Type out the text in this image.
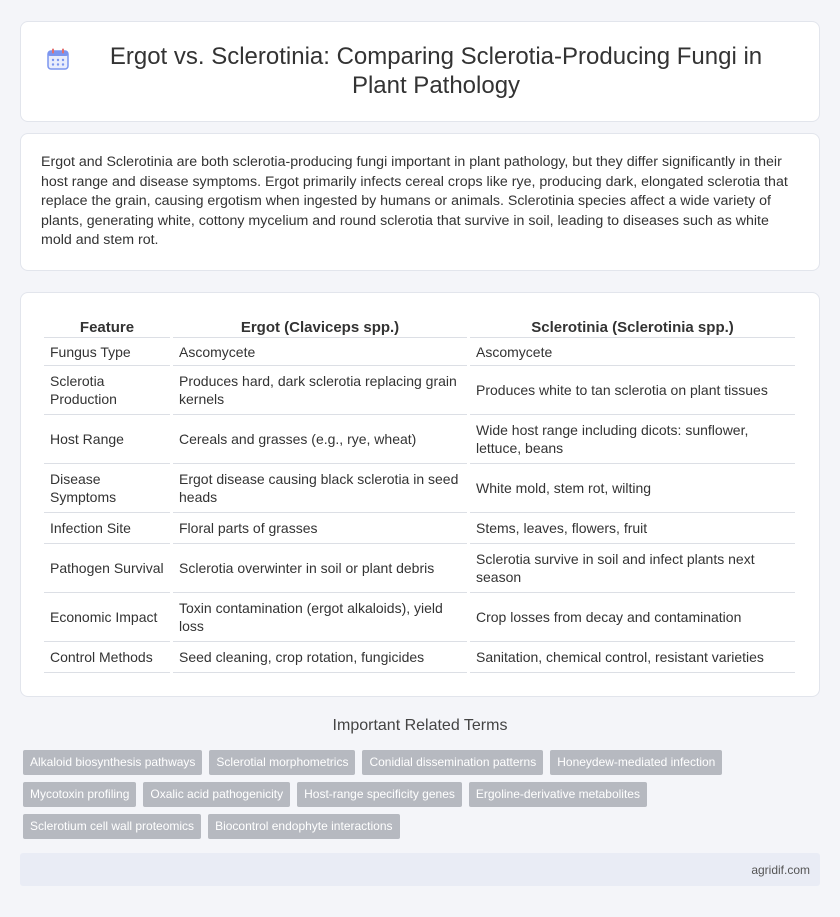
Ergot vs. Sclerotinia: Comparing Sclerotia-Producing Fungi in Plant Pathology

Ergot and Sclerotinia are both sclerotia-producing fungi important in plant pathology, but they differ significantly in their host range and disease symptoms. Ergot primarily infects cereal crops like rye, producing dark, elongated sclerotia that replace the grain, causing ergotism when ingested by humans or animals. Sclerotinia species affect a wide variety of plants, generating white, cottony mycelium and round sclerotia that survive in soil, leading to diseases such as white mold and stem rot.

Feature	Ergot (Claviceps spp.)	Sclerotinia (Sclerotinia spp.)
Fungus Type	Ascomycete	Ascomycete
Sclerotia Production	Produces hard, dark sclerotia replacing grain kernels	Produces white to tan sclerotia on plant tissues
Host Range	Cereals and grasses (e.g., rye, wheat)	Wide host range including dicots: sunflower, lettuce, beans
Disease Symptoms	Ergot disease causing black sclerotia in seed heads	White mold, stem rot, wilting
Infection Site	Floral parts of grasses	Stems, leaves, flowers, fruit
Pathogen Survival	Sclerotia overwinter in soil or plant debris	Sclerotia survive in soil and infect plants next season
Economic Impact	Toxin contamination (ergot alkaloids), yield loss	Crop losses from decay and contamination
Control Methods	Seed cleaning, crop rotation, fungicides	Sanitation, chemical control, resistant varieties
Important Related Terms
Alkaloid biosynthesis pathways	Sclerotial morphometrics	Conidial dissemination patterns	Honeydew-mediated infection
Mycotoxin profiling	Oxalic acid pathogenicity	Host-range specificity genes	Ergoline-derivative metabolites
Sclerotium cell wall proteomics	Biocontrol endophyte interactions
agridif.com
